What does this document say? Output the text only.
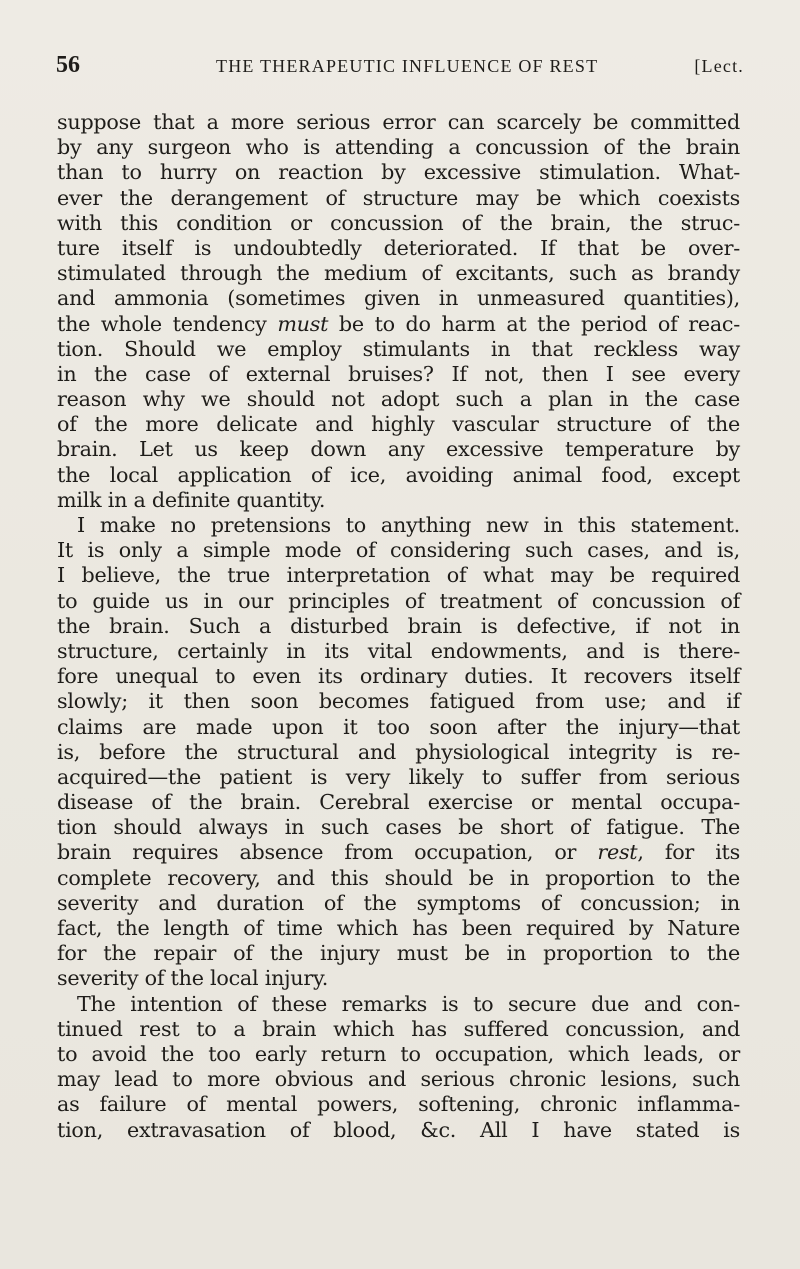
56	THE THERAPEUTIC INFLUENCE OF REST	[Lect.
suppose that a more serious error can scarcely be committed
by any surgeon who is attending a concussion of the brain
than to hurry on reaction by excessive stimulation. What-
ever the derangement of structure may be which coexists
with this condition or concussion of the brain, the struc-
ture itself is undoubtedly deteriorated. If that be over-
stimulated through the medium of excitants, such as brandy
and ammonia (sometimes given in unmeasured quantities),
the whole tendency must be to do harm at the period of reac-
tion. Should we employ stimulants in that reckless way
in the case of external bruises? If not, then I see every
reason why we should not adopt such a plan in the case
of the more delicate and highly vascular structure of the
brain. Let us keep down any excessive temperature by
the local application of ice, avoiding animal food, except
milk in a definite quantity.
I make no pretensions to anything new in this statement.
It is only a simple mode of considering such cases, and is,
I believe, the true interpretation of what may be required
to guide us in our principles of treatment of concussion of
the brain. Such a disturbed brain is defective, if not in
structure, certainly in its vital endowments, and is there-
fore unequal to even its ordinary duties. It recovers itself
slowly; it then soon becomes fatigued from use; and if
claims are made upon it too soon after the injury—that
is, before the structural and physiological integrity is re-
acquired—the patient is very likely to suffer from serious
disease of the brain. Cerebral exercise or mental occupa-
tion should always in such cases be short of fatigue. The
brain requires absence from occupation, or rest, for its
complete recovery, and this should be in proportion to the
severity and duration of the symptoms of concussion; in
fact, the length of time which has been required by Nature
for the repair of the injury must be in proportion to the
severity of the local injury.
The intention of these remarks is to secure due and con-
tinued rest to a brain which has suffered concussion, and
to avoid the too early return to occupation, which leads, or
may lead to more obvious and serious chronic lesions, such
as failure of mental powers, softening, chronic inflamma-
tion, extravasation of blood, &c. All I have stated is
